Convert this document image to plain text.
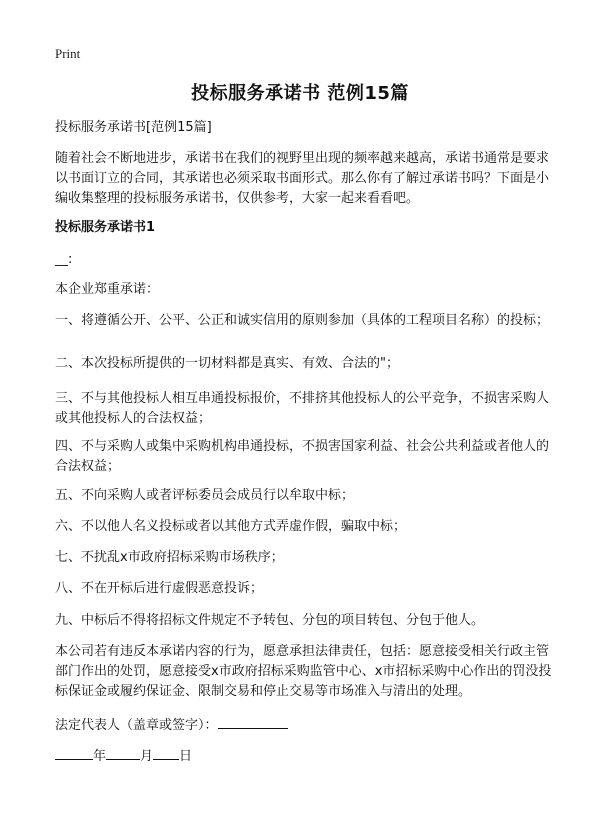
Print
投标服务承诺书 范例15篇
投标服务承诺书[范例15篇]
随着社会不断地进步，承诺书在我们的视野里出现的频率越来越高，承诺书通常是要求以书面订立的合同，其承诺也必须采取书面形式。那么你有了解过承诺书吗？下面是小编收集整理的投标服务承诺书，仅供参考，大家一起来看看吧。
投标服务承诺书1
__:
本企业郑重承诺：
一、将遵循公开、公平、公正和诚实信用的原则参加（具体的工程项目名称）的投标；
二、本次投标所提供的一切材料都是真实、有效、合法的"；
三、不与其他投标人相互串通投标报价，不排挤其他投标人的公平竞争，不损害采购人或其他投标人的合法权益；
四、不与采购人或集中采购机构串通投标，不损害国家利益、社会公共利益或者他人的合法权益；
五、不向采购人或者评标委员会成员行以牟取中标；
六、不以他人名义投标或者以其他方式弄虚作假，骗取中标；
七、不扰乱x市政府招标采购市场秩序；
八、不在开标后进行虚假恶意投诉；
九、中标后不得将招标文件规定不予转包、分包的项目转包、分包于他人。
本公司若有违反本承诺内容的行为，愿意承担法律责任，包括：愿意接受相关行政主管部门作出的处罚，愿意接受x市政府招标采购监管中心、x市招标采购中心作出的罚没投标保证金或履约保证金、限制交易和停止交易等市场准入与清出的处理。
法定代表人（盖章或签字）：
年	月 日
